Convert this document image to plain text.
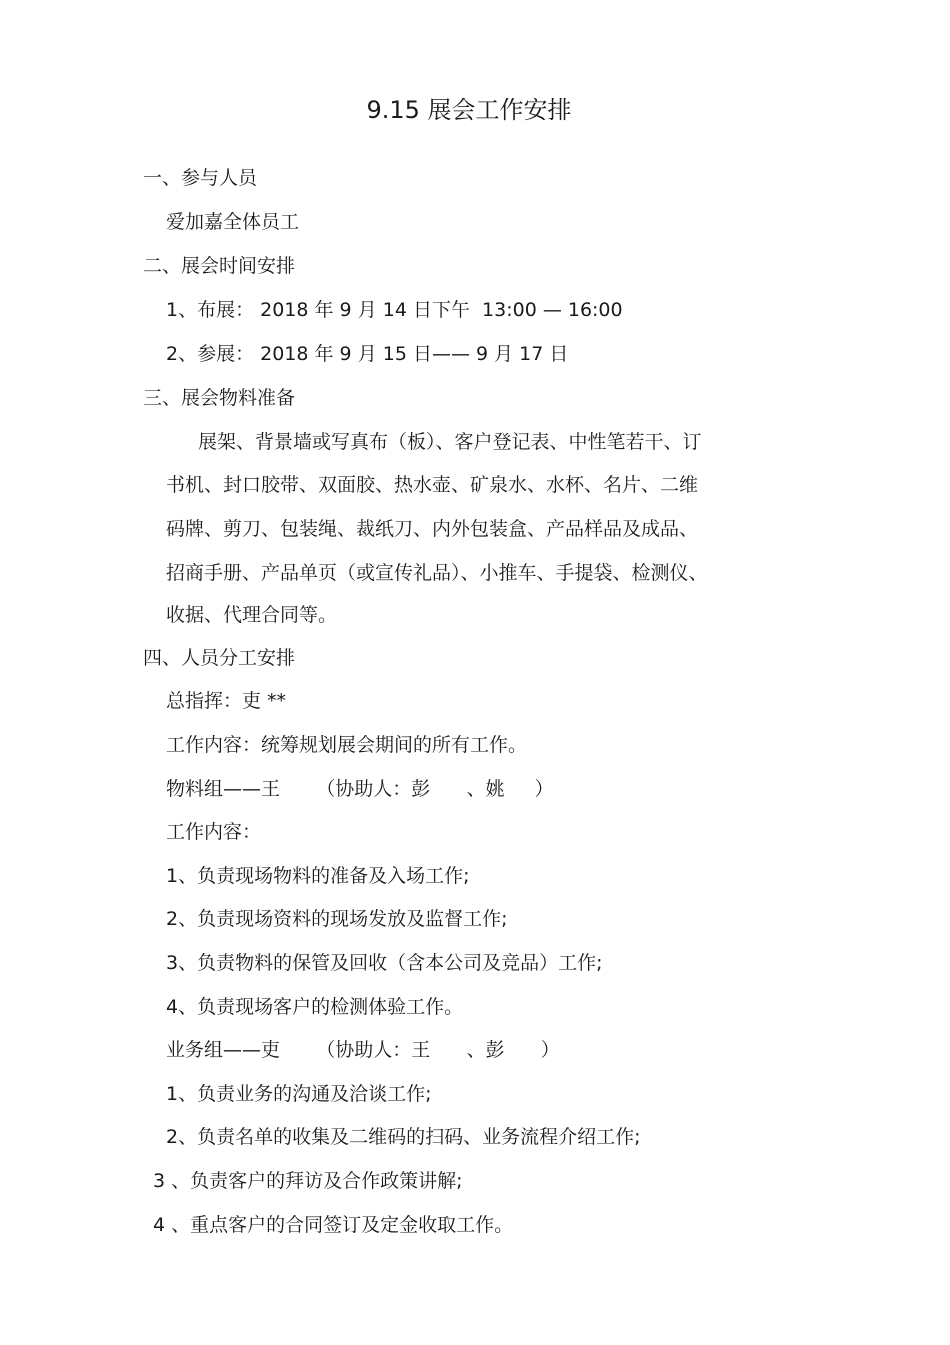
9.15 展会工作安排
一、参与人员
爱加嘉全体员工
二、展会时间安排
1、布展： 2018 年 9 月 14 日下午  13:00 — 16:00
2、参展： 2018 年 9 月 15 日—— 9 月 17 日
三、展会物料准备
展架、背景墙或写真布（板）、客户登记表、中性笔若干、订
书机、封口胶带、双面胶、热水壶、矿泉水、水杯、名片、二维
码牌、剪刀、包装绳、裁纸刀、内外包装盒、产品样品及成品、
招商手册、产品单页（或宣传礼品）、小推车、手提袋、检测仪、
收据、代理合同等。
四、人员分工安排
总指挥：吏 **
工作内容：统筹规划展会期间的所有工作。
物料组——王      （协助人：彭      、姚     ）
工作内容：
1、负责现场物料的准备及入场工作;
2、负责现场资料的现场发放及监督工作;
3、负责物料的保管及回收（含本公司及竞品）工作;
4、负责现场客户的检测体验工作。
业务组——吏      （协助人：王      、彭      ）
1、负责业务的沟通及洽谈工作;
2、负责名单的收集及二维码的扫码、业务流程介绍工作;
3 、负责客户的拜访及合作政策讲解;
4 、重点客户的合同签订及定金收取工作。
